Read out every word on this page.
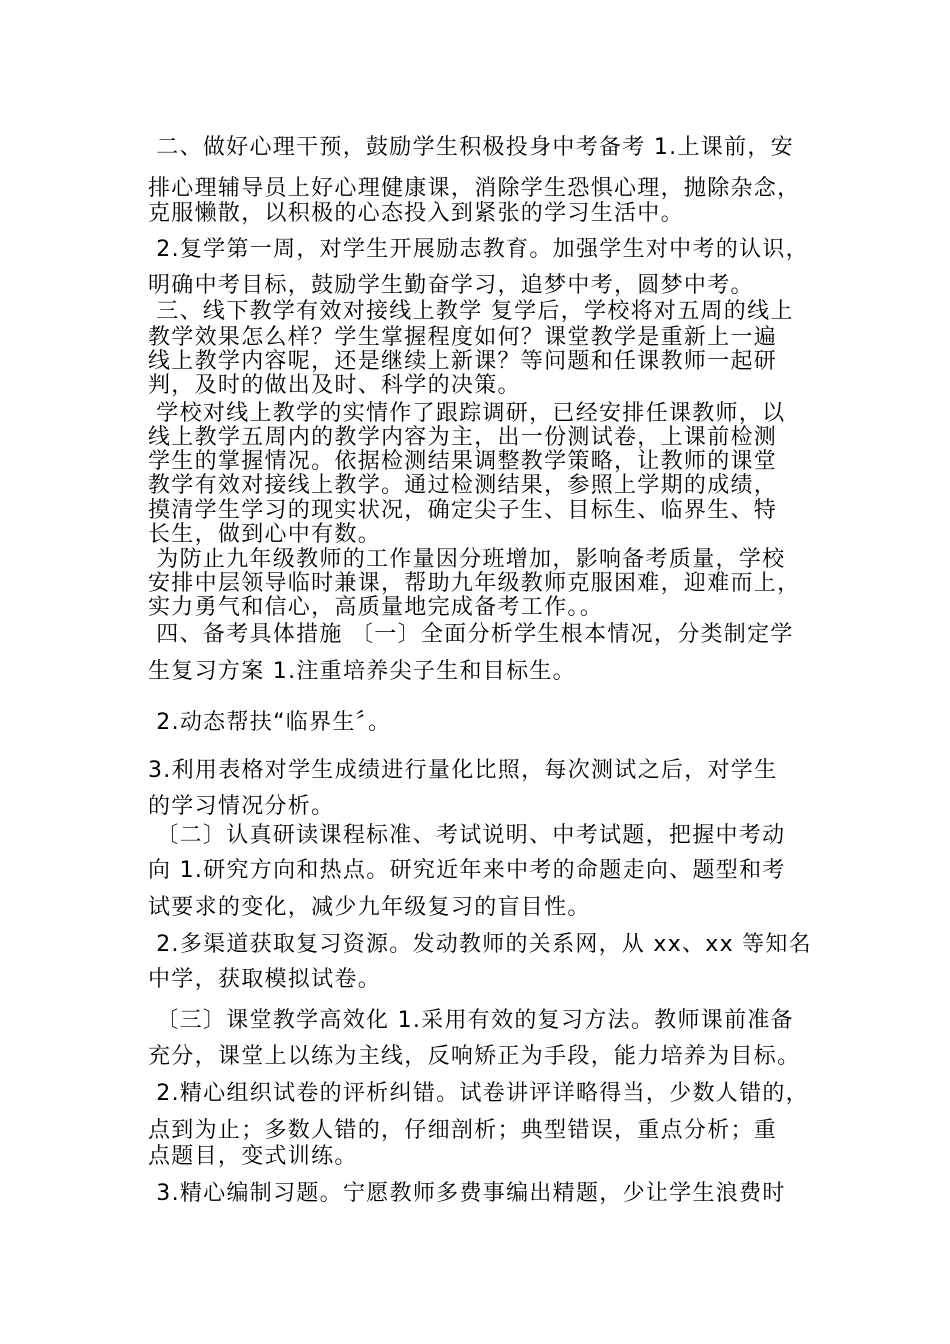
二、做好心理干预，鼓励学生积极投身中考备考 1.上课前，安
排心理辅导员上好心理健康课，消除学生恐惧心理，抛除杂念，
克服懒散，以积极的心态投入到紧张的学习生活中。
2.复学第一周，对学生开展励志教育。加强学生对中考的认识，
明确中考目标，鼓励学生勤奋学习，追梦中考，圆梦中考。
三、线下教学有效对接线上教学 复学后，学校将对五周的线上
教学效果怎么样？学生掌握程度如何？课堂教学是重新上一遍
线上教学内容呢，还是继续上新课？等问题和任课教师一起研
判，及时的做出及时、科学的决策。
学校对线上教学的实情作了跟踪调研，已经安排任课教师，以
线上教学五周内的教学内容为主，出一份测试卷，上课前检测
学生的掌握情况。依据检测结果调整教学策略，让教师的课堂
教学有效对接线上教学。通过检测结果，参照上学期的成绩，
摸清学生学习的现实状况，确定尖子生、目标生、临界生、特
长生，做到心中有数。
为防止九年级教师的工作量因分班增加，影响备考质量，学校
安排中层领导临时兼课，帮助九年级教师克服困难，迎难而上，
实力勇气和信心，高质量地完成备考工作。。
四、备考具体措施 〔一〕全面分析学生根本情况，分类制定学
生复习方案 1.注重培养尖子生和目标生。
2.动态帮扶“临界生〞。
3.利用表格对学生成绩进行量化比照，每次测试之后，对学生
的学习情况分析。
〔二〕认真研读课程标准、考试说明、中考试题，把握中考动
向 1.研究方向和热点。研究近年来中考的命题走向、题型和考
试要求的变化，减少九年级复习的盲目性。
2.多渠道获取复习资源。发动教师的关系网，从 xx、xx 等知名
中学，获取模拟试卷。
〔三〕课堂教学高效化 1.采用有效的复习方法。教师课前准备
充分，课堂上以练为主线，反响矫正为手段，能力培养为目标。
2.精心组织试卷的评析纠错。试卷讲评详略得当，少数人错的，
点到为止；多数人错的，仔细剖析；典型错误，重点分析；重
点题目，变式训练。
3.精心编制习题。宁愿教师多费事编出精题，少让学生浪费时
